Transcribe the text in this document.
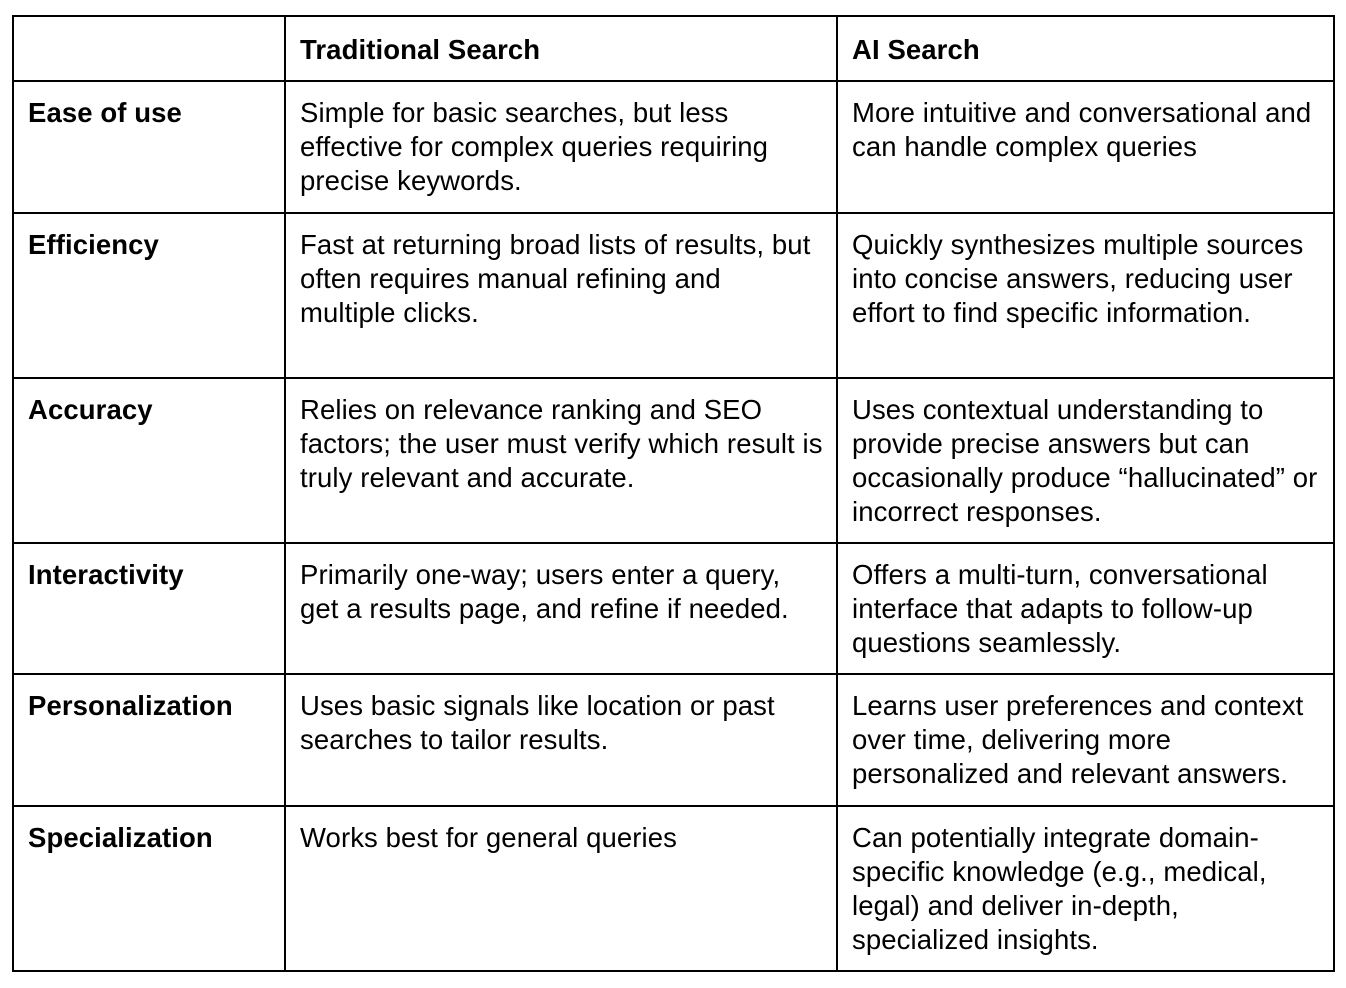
	Traditional Search	AI Search
Ease of use	Simple for basic searches, but less effective for complex queries requiring precise keywords.	More intuitive and conversational and can handle complex queries
Efficiency	Fast at returning broad lists of results, but often requires manual refining and multiple clicks.	Quickly synthesizes multiple sources into concise answers, reducing user effort to find specific information.
Accuracy	Relies on relevance ranking and SEO factors; the user must verify which result is truly relevant and accurate.	Uses contextual understanding to provide precise answers but can occasionally produce “hallucinated” or incorrect responses.
Interactivity	Primarily one-way; users enter a query, get a results page, and refine if needed.	Offers a multi-turn, conversational interface that adapts to follow-up questions seamlessly.
Personalization	Uses basic signals like location or past searches to tailor results.	Learns user preferences and context over time, delivering more personalized and relevant answers.
Specialization	Works best for general queries	Can potentially integrate domain-specific knowledge (e.g., medical, legal) and deliver in-depth, specialized insights.
